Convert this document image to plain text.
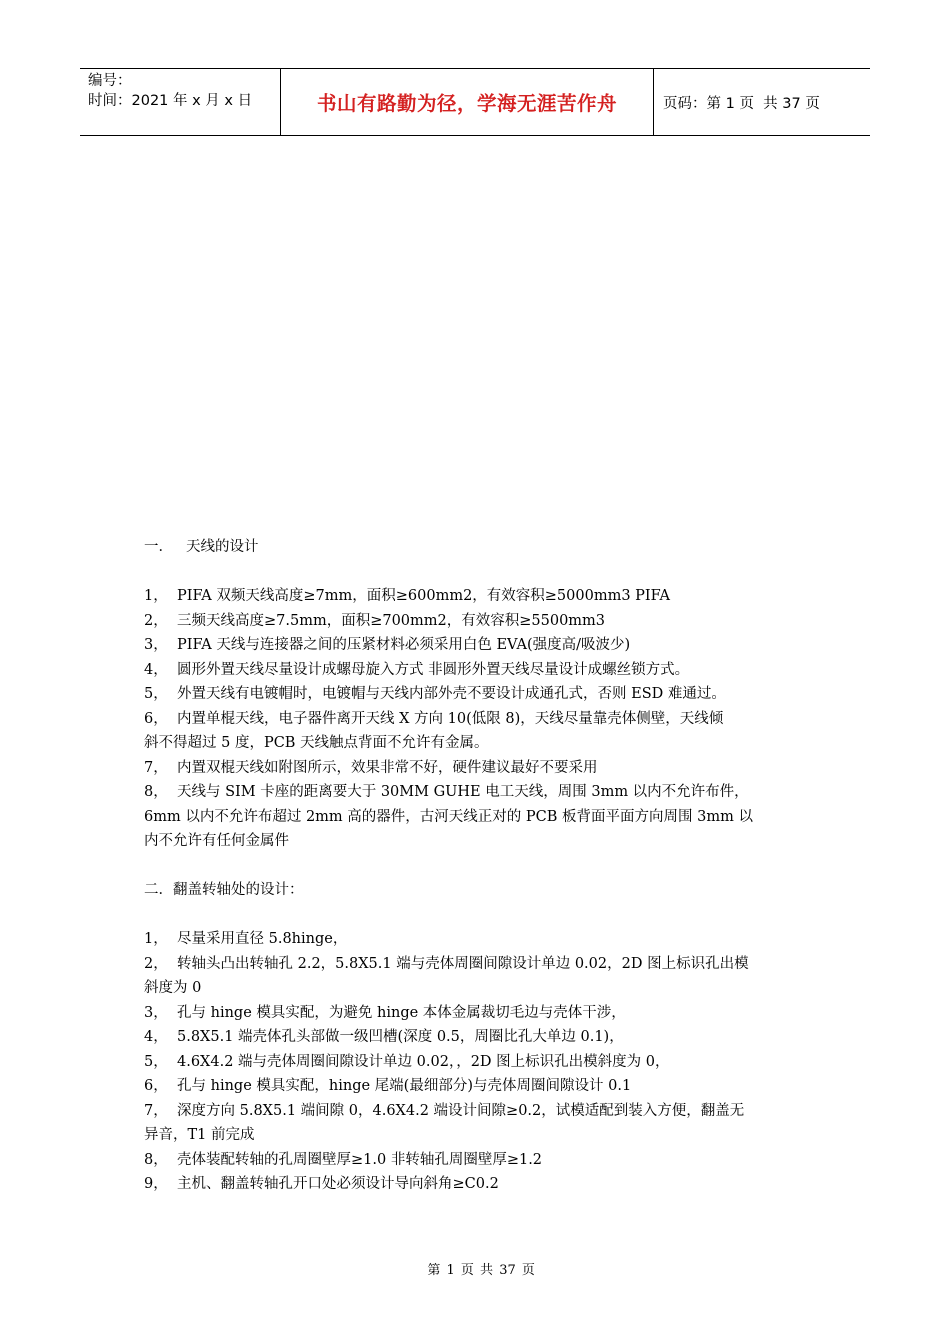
编号：
时间：2021 年 x 月 x 日	书山有路勤为径，学海无涯苦作舟	页码：第 1 页  共 37 页

一． 天线的设计

1， PIFA 双频天线高度≥7mm，面积≥600mm2，有效容积≥5000mm3 PIFA

2， 三频天线高度≥7.5mm，面积≥700mm2，有效容积≥5500mm3

3， PIFA 天线与连接器之间的压紧材料必须采用白色 EVA(强度高/吸波少)

4， 圆形外置天线尽量设计成螺母旋入方式 非圆形外置天线尽量设计成螺丝锁方式。

5， 外置天线有电镀帽时，电镀帽与天线内部外壳不要设计成通孔式，否则 ESD 难通过。

6， 内置单棍天线，电子器件离开天线 X 方向 10(低限 8)，天线尽量靠壳体侧壁，天线倾

斜不得超过 5 度，PCB 天线触点背面不允许有金属。

7， 内置双棍天线如附图所示，效果非常不好，硬件建议最好不要采用

8， 天线与 SIM 卡座的距离要大于 30MM GUHE 电工天线，周围 3mm 以内不允许布件，

6mm 以内不允许布超过 2mm 高的器件，古河天线正对的 PCB 板背面平面方向周围 3mm 以

内不允许有任何金属件

二．翻盖转轴处的设计：

1， 尽量采用直径 5.8hinge，

2， 转轴头凸出转轴孔 2.2，5.8X5.1 端与壳体周圈间隙设计单边 0.02，2D 图上标识孔出模

斜度为 0

3， 孔与 hinge 模具实配，为避免 hinge 本体金属裁切毛边与壳体干涉，

4， 5.8X5.1 端壳体孔头部做一级凹槽(深度 0.5，周圈比孔大单边 0.1)，

5， 4.6X4.2 端与壳体周圈间隙设计单边 0.02，，2D 图上标识孔出模斜度为 0，

6， 孔与 hinge 模具实配，hinge 尾端(最细部分)与壳体周圈间隙设计 0.1

7， 深度方向 5.8X5.1 端间隙 0，4.6X4.2 端设计间隙≥0.2，试模适配到装入方便，翻盖无

异音，T1 前完成

8， 壳体装配转轴的孔周圈壁厚≥1.0 非转轴孔周圈壁厚≥1.2

9， 主机、翻盖转轴孔开口处必须设计导向斜角≥C0.2

第 1 页 共 37 页
